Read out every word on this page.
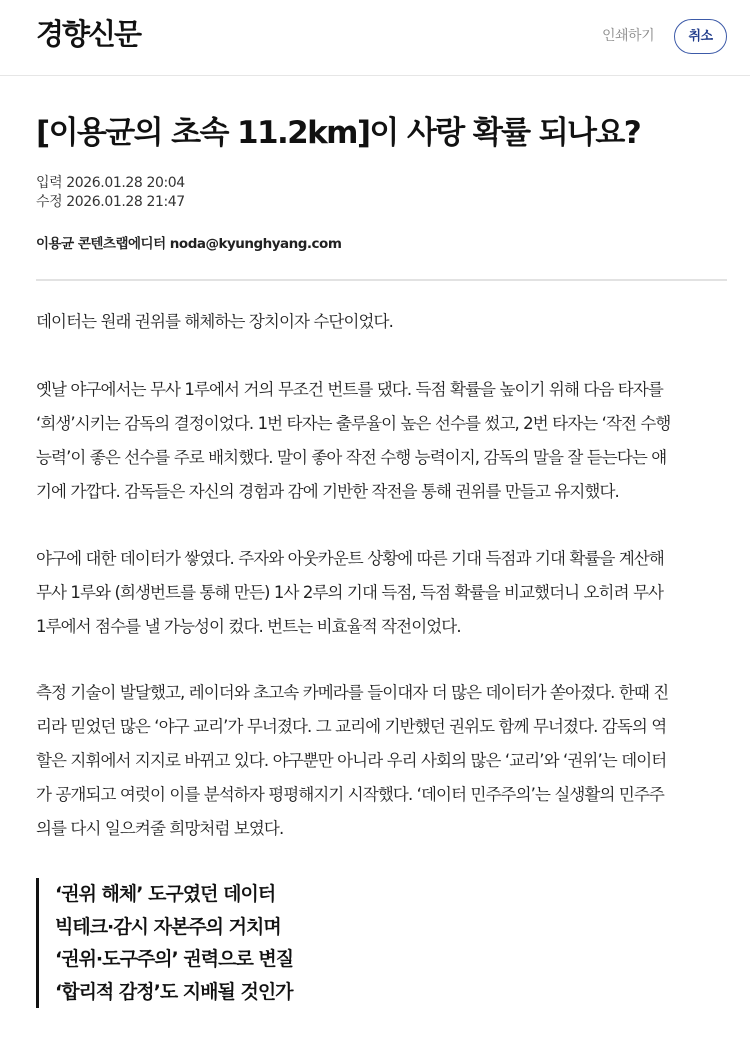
경향신문	인쇄하기	취소
[이용균의 초속 11.2km]이 사랑 확률 되나요?
입력 2026.01.28 20:04
수정 2026.01.28 21:47
이용균 콘텐츠랩에디터 noda@kyunghyang.com

데이터는 원래 권위를 해체하는 장치이자 수단이었다.

옛날 야구에서는 무사 1루에서 거의 무조건 번트를 댔다. 득점 확률을 높이기 위해 다음 타자를
‘희생’시키는 감독의 결정이었다. 1번 타자는 출루율이 높은 선수를 썼고, 2번 타자는 ‘작전 수행
능력’이 좋은 선수를 주로 배치했다. 말이 좋아 작전 수행 능력이지, 감독의 말을 잘 듣는다는 얘
기에 가깝다. 감독들은 자신의 경험과 감에 기반한 작전을 통해 권위를 만들고 유지했다.

야구에 대한 데이터가 쌓였다. 주자와 아웃카운트 상황에 따른 기대 득점과 기대 확률을 계산해
무사 1루와 (희생번트를 통해 만든) 1사 2루의 기대 득점, 득점 확률을 비교했더니 오히려 무사
1루에서 점수를 낼 가능성이 컸다. 번트는 비효율적 작전이었다.

측정 기술이 발달했고, 레이더와 초고속 카메라를 들이대자 더 많은 데이터가 쏟아졌다. 한때 진
리라 믿었던 많은 ‘야구 교리’가 무너졌다. 그 교리에 기반했던 권위도 함께 무너졌다. 감독의 역
할은 지휘에서 지지로 바뀌고 있다. 야구뿐만 아니라 우리 사회의 많은 ‘교리’와 ‘권위’는 데이터
가 공개되고 여럿이 이를 분석하자 평평해지기 시작했다. ‘데이터 민주주의’는 실생활의 민주주
의를 다시 일으켜줄 희망처럼 보였다.

‘권위 해체’ 도구였던 데이터
빅테크·감시 자본주의 거치며
‘권위·도구주의’ 권력으로 변질
‘합리적 감정’도 지배될 것인가
